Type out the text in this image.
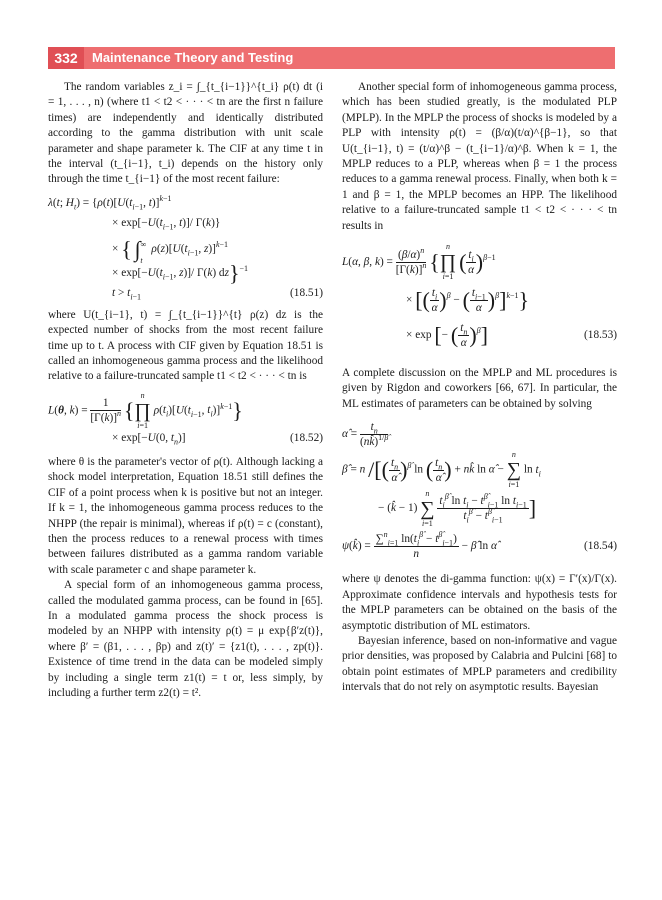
332	Maintenance Theory and Testing

The random variables z_i = ∫_{t_{i−1}}^{t_i} ρ(t) dt (i = 1, . . . , n) (where t1 < t2 < · · · < tn are the first n failure times) are independently and identically distributed according to the gamma distribution with unit scale parameter and shape parameter k. The CIF at any time t in the interval (t_{i−1}, t_i) depends on the history only through the time t_{i−1} of the most recent failure:

λ(t; $H_t) = \{\rho(t)[U(t_{i-1}$, t)]$^{k-1}$
× $\exp[-U(t_{i-1}$, t)]/ Γ(k)}
× { $\int^\infty_t$ $\rho(z)[U(t_{i-1}$, z)]$^{k-1}$
× $\exp[-U(t_{i-1}$, z)]/ Γ(k) dz}$^{-1}$
$t > t_{i-1}$	(18.51)

where U(t_{i−1}, t) = ∫_{t_{i−1}}^{t} ρ(z) dz is the expected number of shocks from the most recent failure time up to t. A process with CIF given by Equation 18.51 is called an inhomogeneous gamma process and the likelihood relative to a failure-truncated sample t1 < t2 < · · · < tn is

L(θ, $k) = \frac{1}{[\Gamma(k)]^n} \{n$
∏
i=1 $\rho(t_i)[U(t_{i-1}$, $t_i)]^{k-1}$}
× exp[−U(0, $t_n$)]	(18.52)

where θ is the parameter's vector of ρ(t). Although lacking a shock model interpretation, Equation 18.51 still defines the CIF of a point process when k is positive but not an integer. If k = 1, the inhomogeneous gamma process reduces to the NHPP (the repair is minimal), whereas if ρ(t) = c (constant), then the process reduces to a renewal process with times between failures distributed as a gamma random variable with scale parameter c and shape parameter k.

A special form of an inhomogeneous gamma process, called the modulated gamma process, can be found in [65]. In a modulated gamma process the shock process is modeled by an NHPP with intensity ρ(t) = μ exp{β′z(t)}, where β′ = (β1, . . . , βp) and z(t)′ = {z1(t), . . . , zp(t)}. Existence of time trend in the data can be modeled simply by including a single term z1(t) = t or, less simply, by including a further term z2(t) = t².

Another special form of inhomogeneous gamma process, which has been studied greatly, is the modulated PLP (MPLP). In the MPLP the process of shocks is modeled by a PLP with intensity ρ(t) = (β/α)(t/α)^{β−1}, so that U(t_{i−1}, t) = (t/α)^β − (t_{i−1}/α)^β. When k = 1, the MPLP reduces to a PLP, whereas when β = 1 the process reduces to a gamma renewal process. Finally, when both k = 1 and β = 1, the MPLP becomes an HPP. The likelihood relative to a failure-truncated sample t1 < t2 < · · · < tn results in

L(α, β, $k) = \frac{(\beta/\alpha)^n}{[\Gamma(k)]^n} \{n$
∏
i=1 ( $\frac{t_i}{\alpha} )^{\beta-1}$
× [( $\frac{t_i}{\alpha} )^\beta$ − ( $\frac{t_{i-1}}{\alpha} )^\beta]^{k-1}$}
× exp [− ( $\frac{t_n}{\alpha} )^\beta$]	(18.53)

A complete discussion on the MPLP and ML procedures is given by Rigdon and coworkers [66, 67]. In particular, the ML estimates of parameters can be obtained by solving

α̂ = $\frac{t_n}{(nk̂)^{1/\betâ}}$
β̂ = n /[( $\frac{t_n}{\alphâ} )^{\betâ}$ ln ( $\frac{t_n}{\alphâ}$ ) + nk̂ ln α̂ − n
∑
i=1 $\ln t_i$
− (k̂ − 1) n
∑
$i=1 \frac{t_i^{\betâ} \ln t_i - t^{\betâ}_{i-1} \ln t_{i-1}}{t_i^{\betâ} - t^{\betâ}_{i-1}}$ ]
ψ(k̂) = $\frac{\sum^n_{i=1} \ln(t_i^{\betâ} - t^{\betâ}_{i-1})}{n}$ − β̂ ln α̂	(18.54)

where ψ denotes the di-gamma function: ψ(x) = Γ′(x)/Γ(x). Approximate confidence intervals and hypothesis tests for the MPLP parameters can be obtained on the basis of the asymptotic distribution of ML estimators.

Bayesian inference, based on non-informative and vague prior densities, was proposed by Calabria and Pulcini [68] to obtain point estimates of MPLP parameters and credibility intervals that do not rely on asymptotic results. Bayesian
